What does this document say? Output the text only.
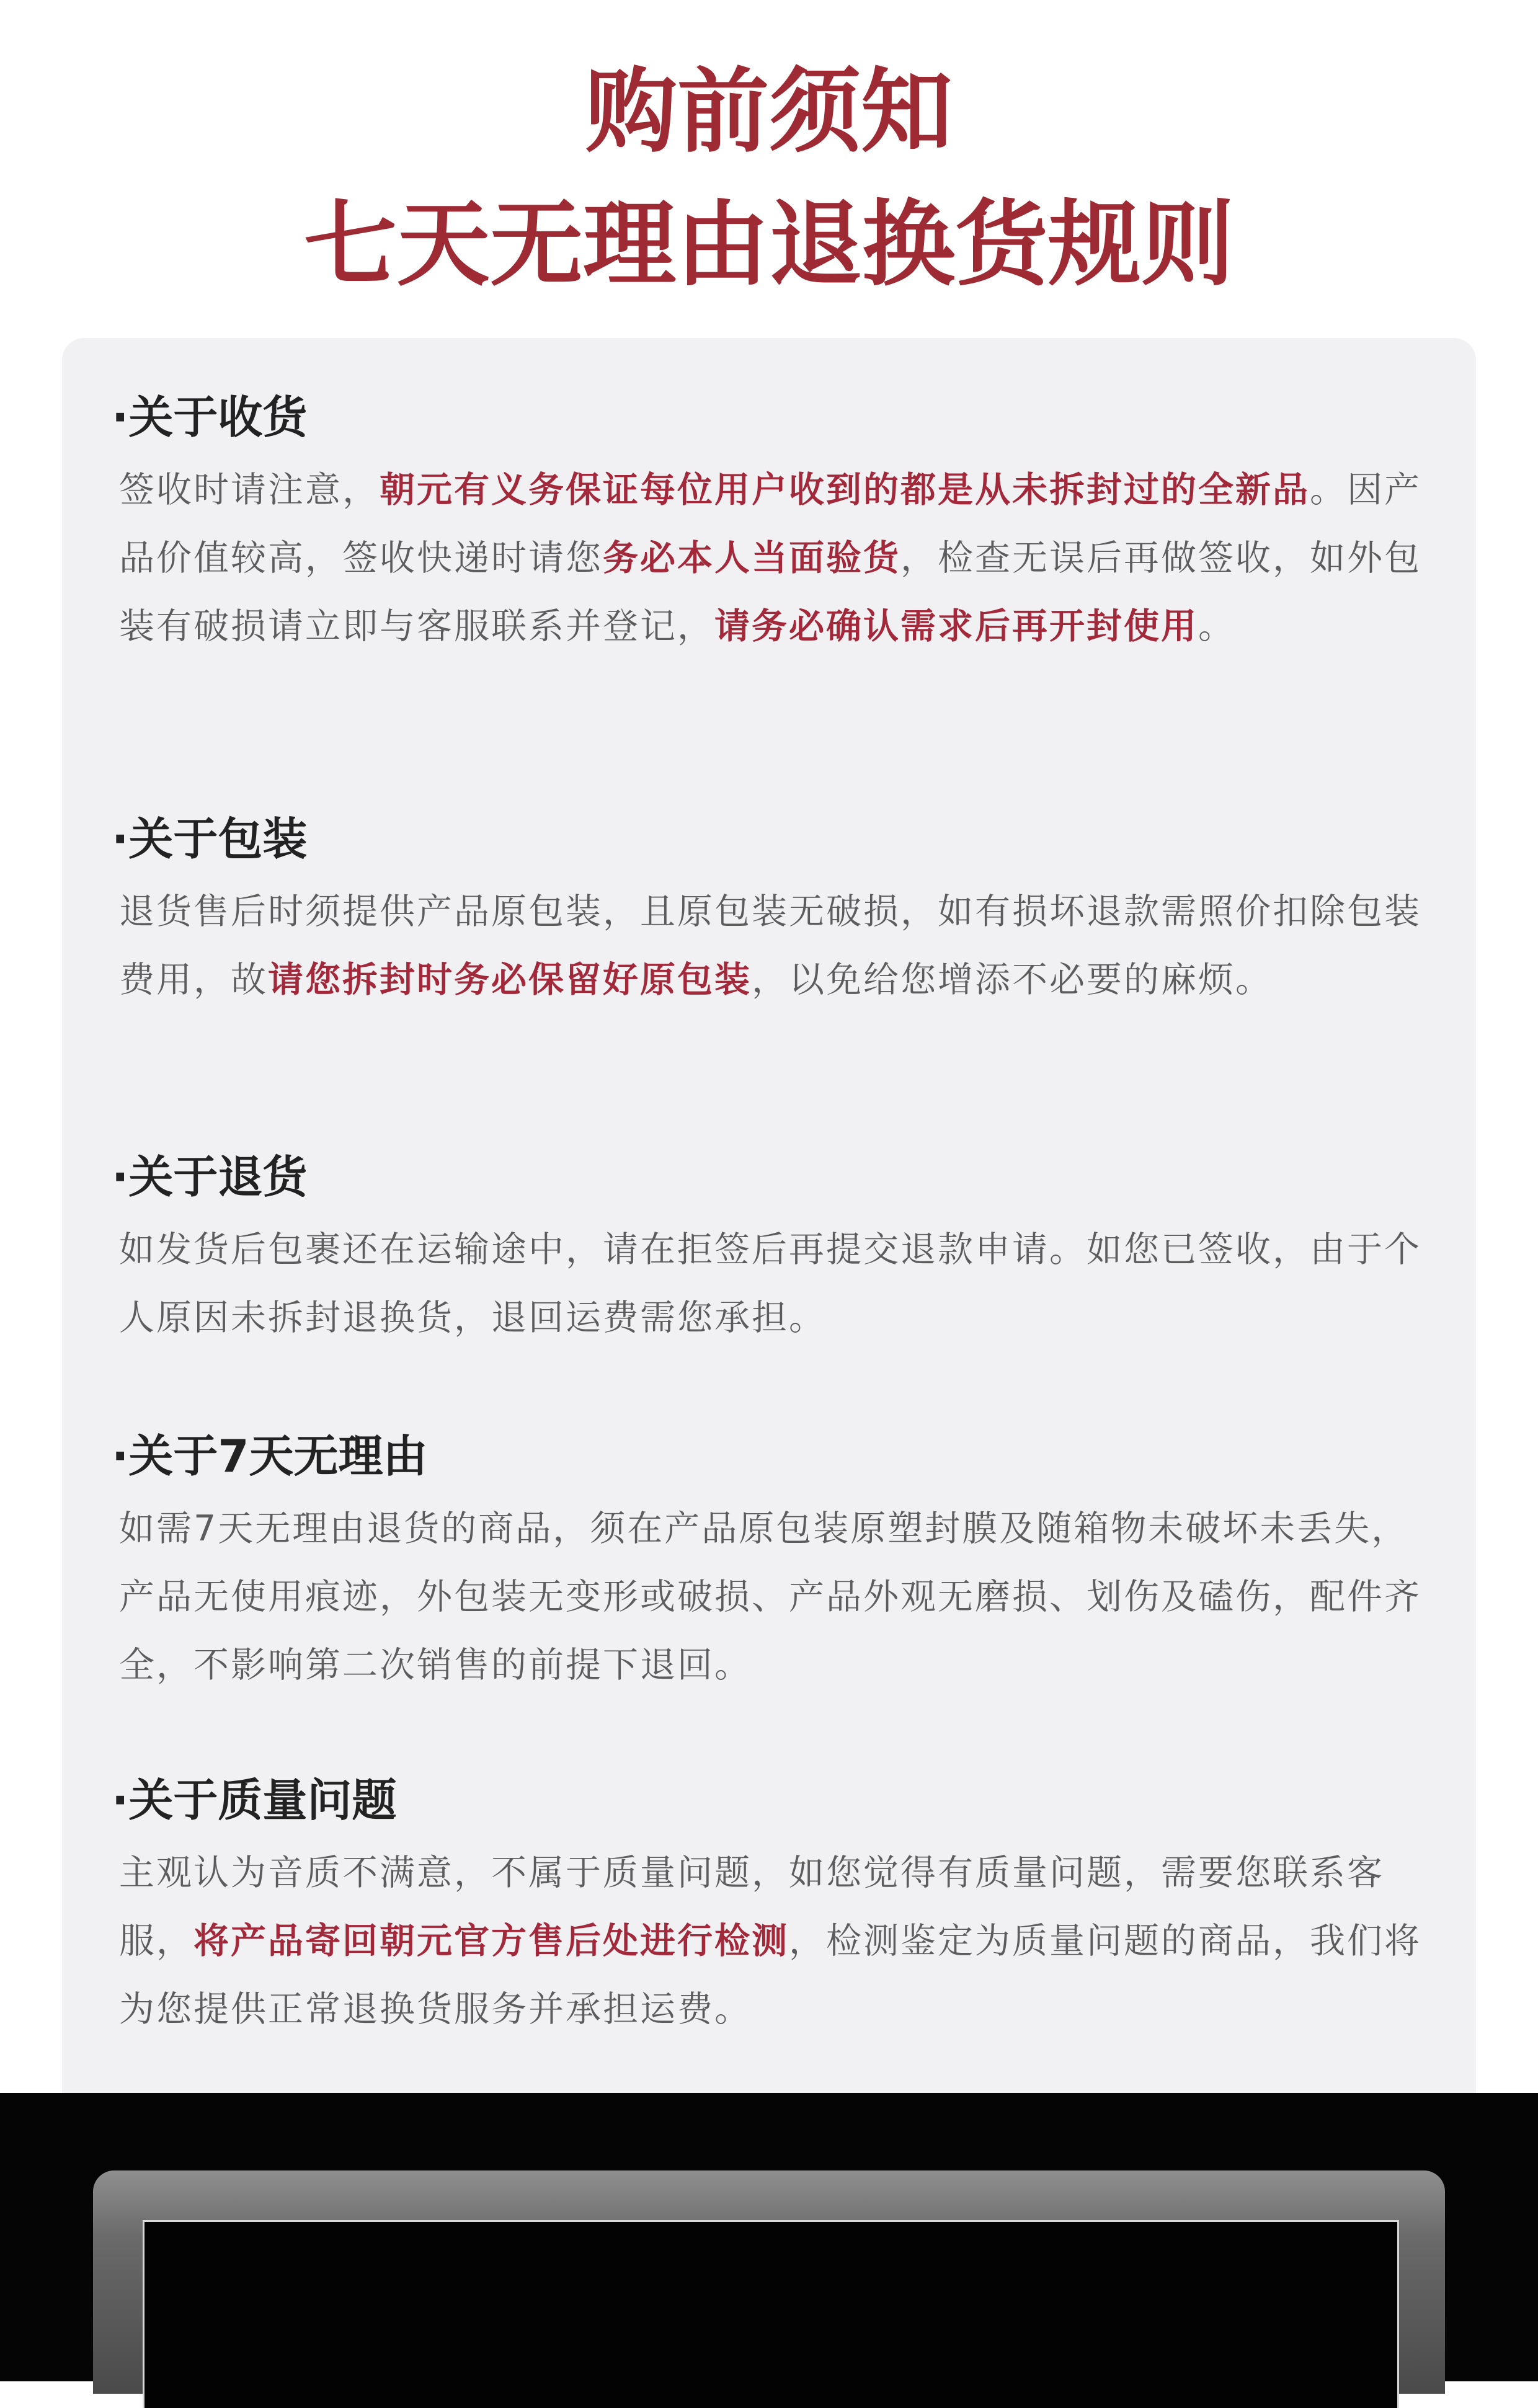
购前须知
七天无理由退换货规则
·关于收货

签收时请注意，朝元有义务保证每位用户收到的都是从未拆封过的全新品。因产品价值较高，签收快递时请您务必本人当面验货，检查无误后再做签收，如外包装有破损请立即与客服联系并登记，请务必确认需求后再开封使用。

·关于包装

退货售后时须提供产品原包装，且原包装无破损，如有损坏退款需照价扣除包装费用，故请您拆封时务必保留好原包装，以免给您增添不必要的麻烦。

·关于退货

如发货后包裹还在运输途中，请在拒签后再提交退款申请。如您已签收，由于个人原因未拆封退换货，退回运费需您承担。

·关于7天无理由

如需7天无理由退货的商品，须在产品原包装原塑封膜及随箱物未破坏未丢失，产品无使用痕迹，外包装无变形或破损、产品外观无磨损、划伤及磕伤，配件齐全，不影响第二次销售的前提下退回。

·关于质量问题

主观认为音质不满意，不属于质量问题，如您觉得有质量问题，需要您联系客服，将产品寄回朝元官方售后处进行检测，检测鉴定为质量问题的商品，我们将为您提供正常退换货服务并承担运费。
